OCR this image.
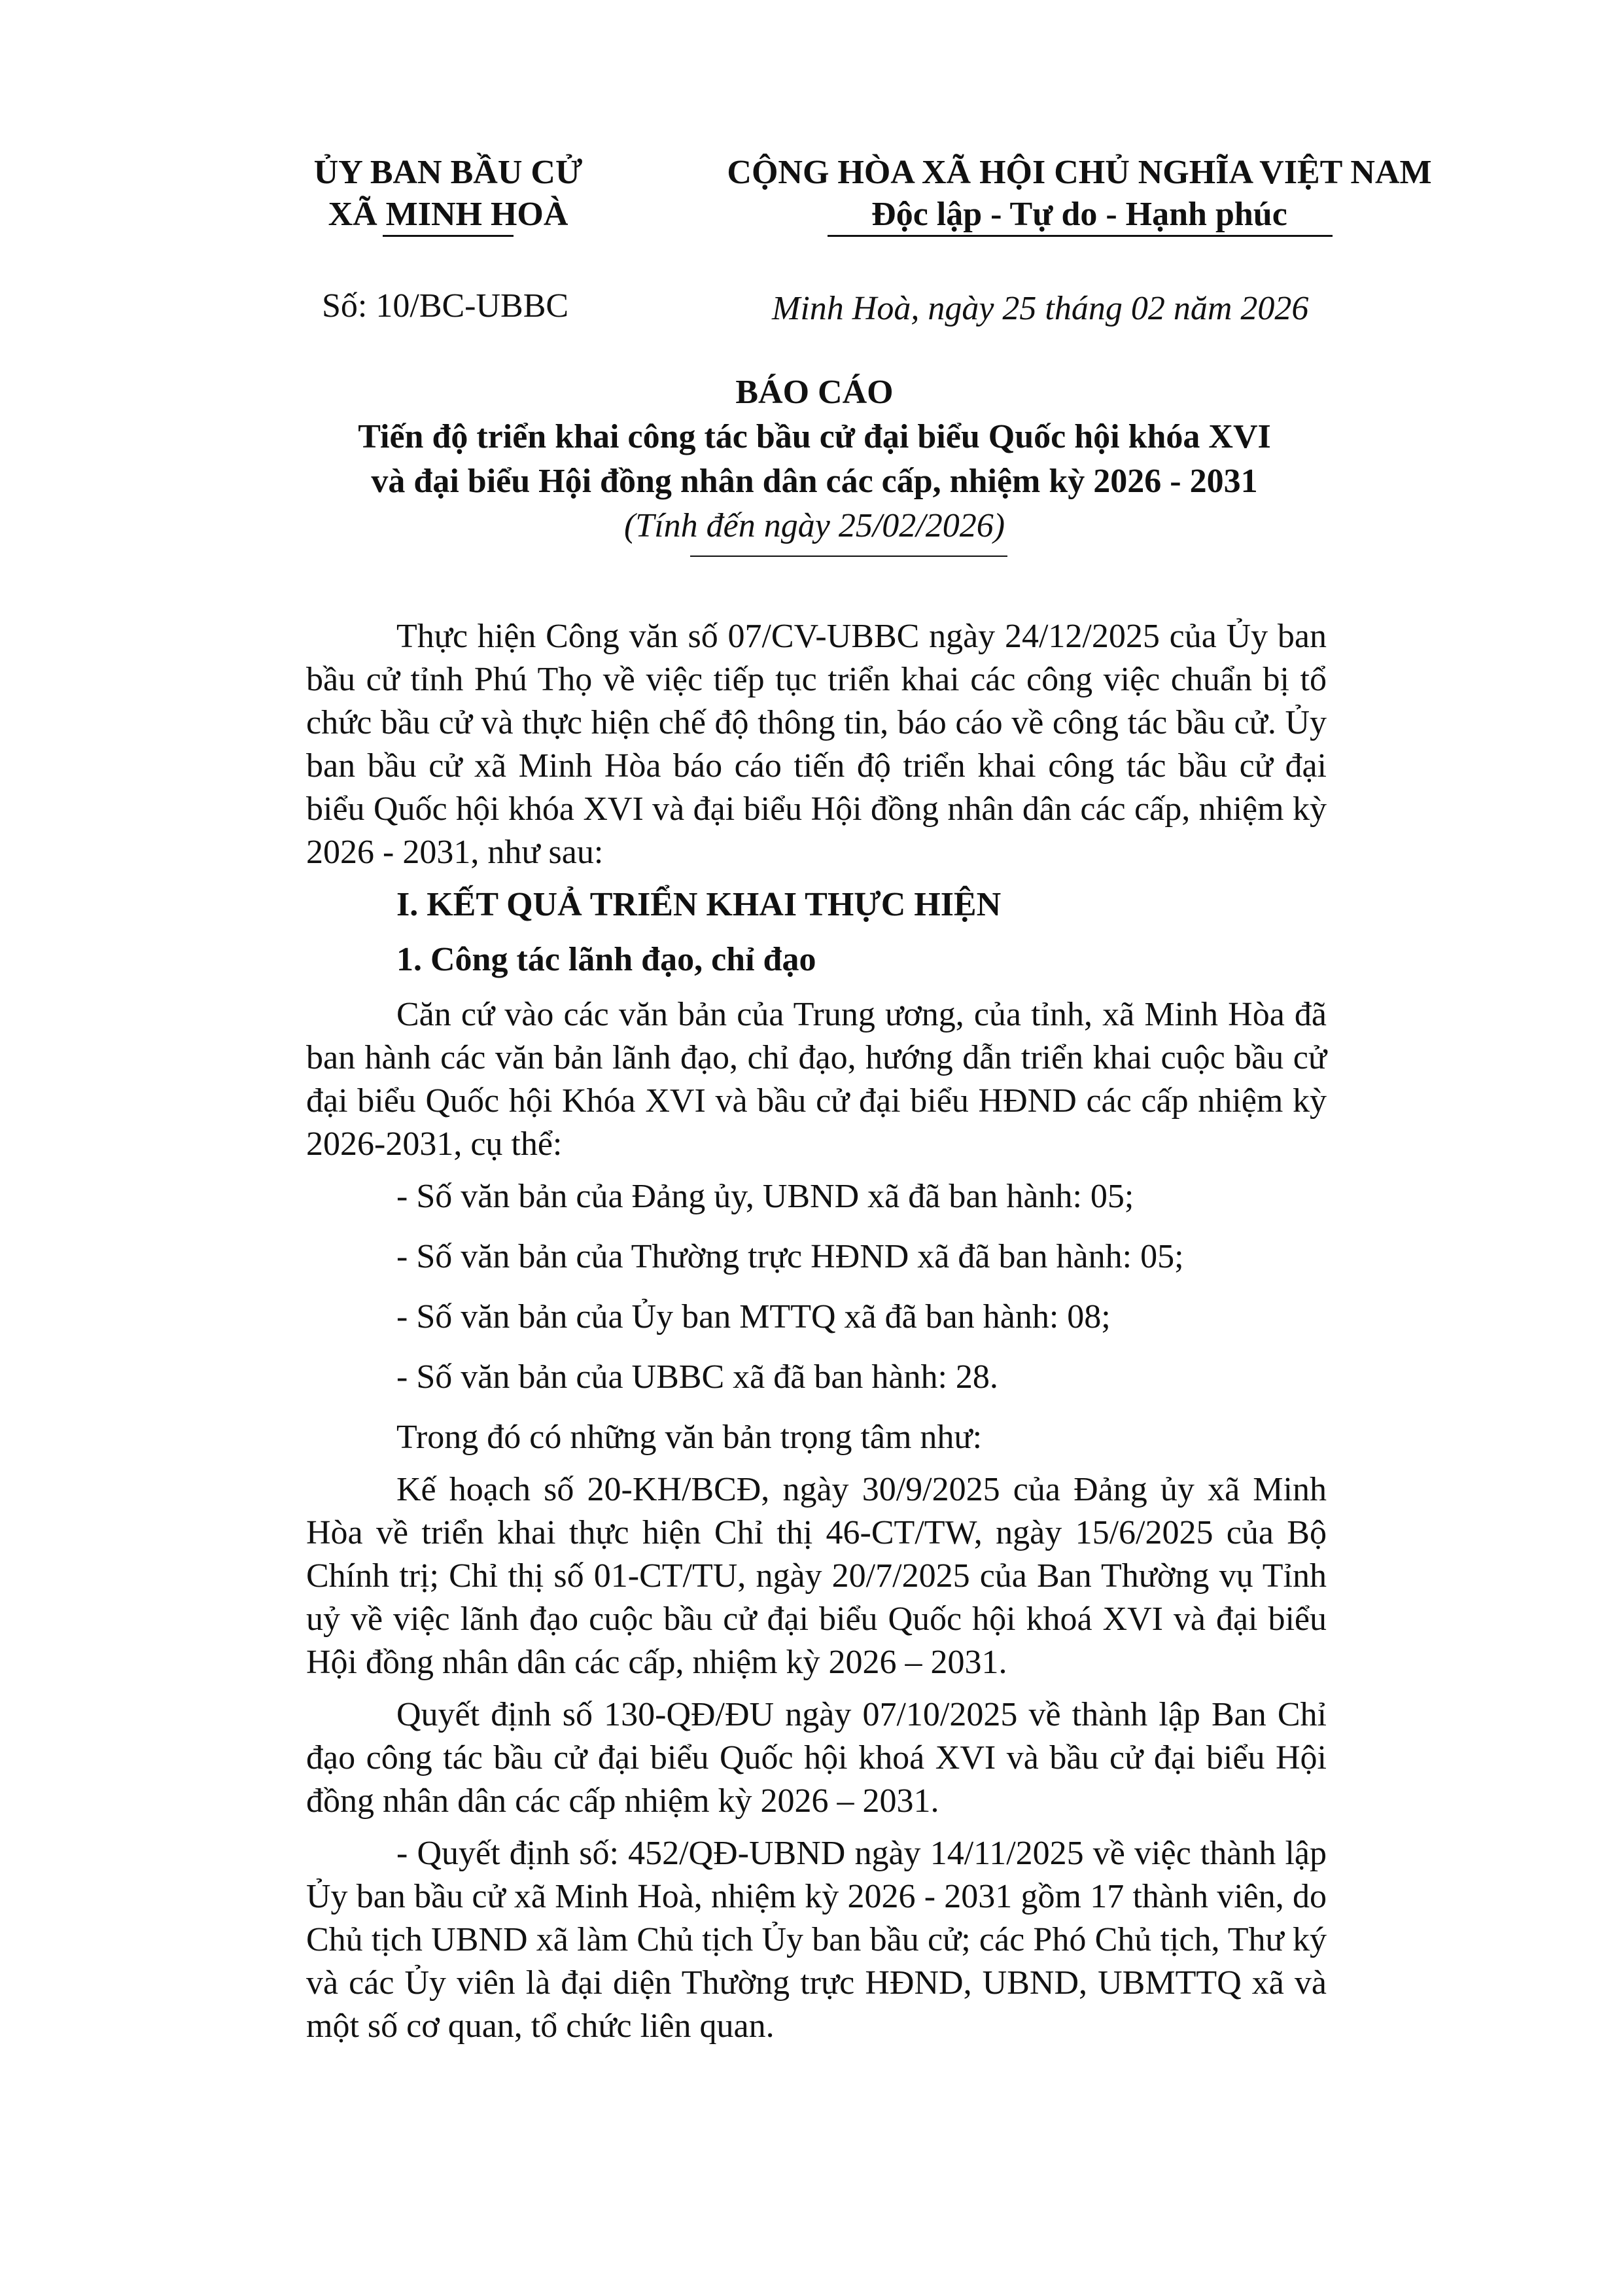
ỦY BAN BẦU CỬ
XÃ MINH HOÀ
CỘNG HÒA XÃ HỘI CHỦ NGHĨA VIỆT NAM
Độc lập - Tự do - Hạnh phúc
Số: 10/BC-UBBC	Minh Hoà, ngày 25 tháng 02 năm 2026
BÁO CÁO
Tiến độ triển khai công tác bầu cử đại biểu Quốc hội khóa XVI
và đại biểu Hội đồng nhân dân các cấp, nhiệm kỳ 2026 - 2031
(Tính đến ngày 25/02/2026)

Thực hiện Công văn số 07/CV-UBBC ngày 24/12/2025 của Ủy ban bầu cử tỉnh Phú Thọ về việc tiếp tục triển khai các công việc chuẩn bị tổ chức bầu cử và thực hiện chế độ thông tin, báo cáo về công tác bầu cử. Ủy ban bầu cử xã Minh Hòa báo cáo tiến độ triển khai công tác bầu cử đại biểu Quốc hội khóa XVI và đại biểu Hội đồng nhân dân các cấp, nhiệm kỳ 2026 - 2031, như sau:

I. KẾT QUẢ TRIỂN KHAI THỰC HIỆN

1. Công tác lãnh đạo, chỉ đạo

Căn cứ vào các văn bản của Trung ương, của tỉnh, xã Minh Hòa đã ban hành các văn bản lãnh đạo, chỉ đạo, hướng dẫn triển khai cuộc bầu cử đại biểu Quốc hội Khóa XVI và bầu cử đại biểu HĐND các cấp nhiệm kỳ 2026-2031, cụ thể:

- Số văn bản của Đảng ủy, UBND xã đã ban hành: 05;
- Số văn bản của Thường trực HĐND xã đã ban hành: 05;
- Số văn bản của Ủy ban MTTQ xã đã ban hành: 08;
- Số văn bản của UBBC xã đã ban hành: 28.

Trong đó có những văn bản trọng tâm như:

Kế hoạch số 20-KH/BCĐ, ngày 30/9/2025 của Đảng ủy xã Minh Hòa về triển khai thực hiện Chỉ thị 46-CT/TW, ngày 15/6/2025 của Bộ Chính trị; Chỉ thị số 01-CT/TU, ngày 20/7/2025 của Ban Thường vụ Tỉnh uỷ về việc lãnh đạo cuộc bầu cử đại biểu Quốc hội khoá XVI và đại biểu Hội đồng nhân dân các cấp, nhiệm kỳ 2026 – 2031.

Quyết định số 130-QĐ/ĐU ngày 07/10/2025 về thành lập Ban Chỉ đạo công tác bầu cử đại biểu Quốc hội khoá XVI và bầu cử đại biểu Hội đồng nhân dân các cấp nhiệm kỳ 2026 – 2031.

- Quyết định số: 452/QĐ-UBND ngày 14/11/2025 về việc thành lập Ủy ban bầu cử xã Minh Hoà, nhiệm kỳ 2026 - 2031 gồm 17 thành viên, do Chủ tịch UBND xã làm Chủ tịch Ủy ban bầu cử; các Phó Chủ tịch, Thư ký và các Ủy viên là đại diện Thường trực HĐND, UBND, UBMTTQ xã và một số cơ quan, tổ chức liên quan.
